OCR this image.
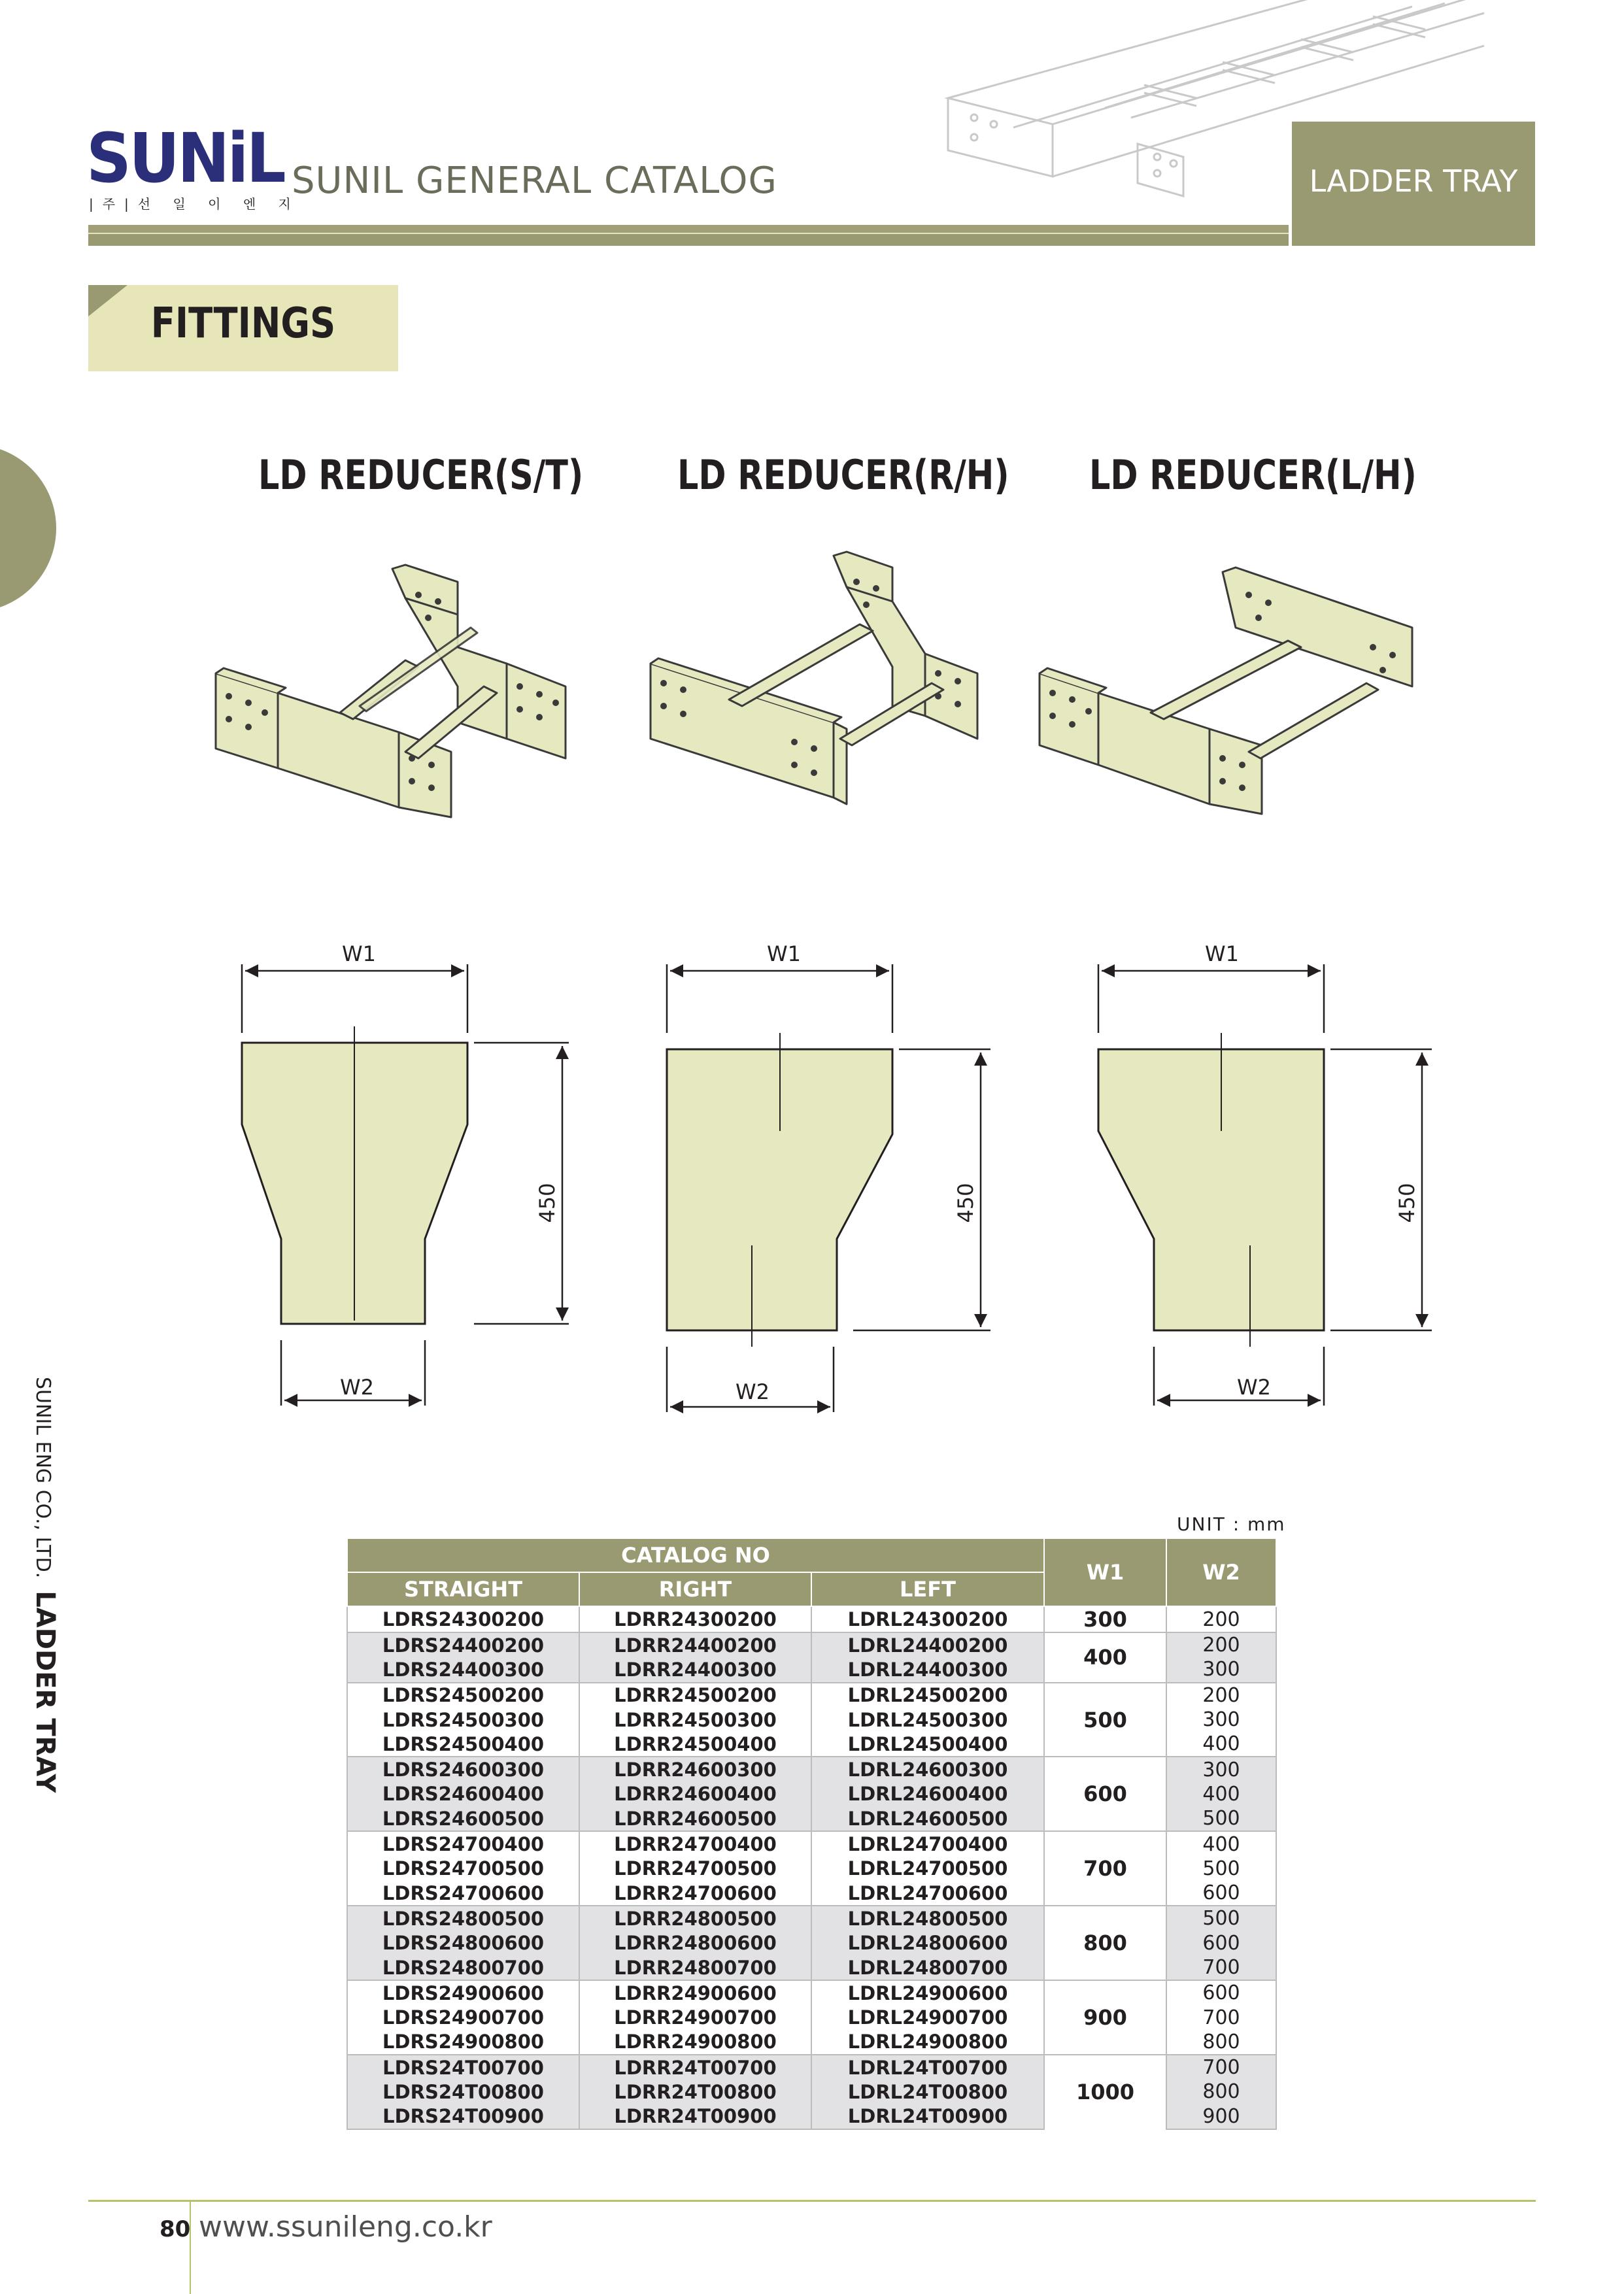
SUNiL
|주|선 일 이 엔 지
SUNIL GENERAL CATALOG	LADDER TRAY
FITTINGS
SUNIL ENG CO., LTD.  LADDER TRAY
LD REDUCER(S/T) LD REDUCER(R/H) LD REDUCER(L/H)
W1
W2
450
W1
W2
450
W1
W2
450
UNIT : mm
CATALOG NO			W1	W2
STRAIGHT	RIGHT	LEFT		
LDRS24300200	LDRR24300200	LDRL24300200	300	200
LDRS24400200	LDRR24400200	LDRL24400200	400	200
LDRS24400300	LDRR24400300	LDRL24400300		300
LDRS24500200	LDRR24500200	LDRL24500200	500	200
LDRS24500300	LDRR24500300	LDRL24500300		300
LDRS24500400	LDRR24500400	LDRL24500400		400
LDRS24600300	LDRR24600300	LDRL24600300	600	300
LDRS24600400	LDRR24600400	LDRL24600400		400
LDRS24600500	LDRR24600500	LDRL24600500		500
LDRS24700400	LDRR24700400	LDRL24700400	700	400
LDRS24700500	LDRR24700500	LDRL24700500		500
LDRS24700600	LDRR24700600	LDRL24700600		600
LDRS24800500	LDRR24800500	LDRL24800500	800	500
LDRS24800600	LDRR24800600	LDRL24800600		600
LDRS24800700	LDRR24800700	LDRL24800700		700
LDRS24900600	LDRR24900600	LDRL24900600	900	600
LDRS24900700	LDRR24900700	LDRL24900700		700
LDRS24900800	LDRR24900800	LDRL24900800		800
LDRS24T00700	LDRR24T00700	LDRL24T00700	1000	700
LDRS24T00800	LDRR24T00800	LDRL24T00800		800
LDRS24T00900	LDRR24T00900	LDRL24T00900		900
80 www.ssunileng.co.kr
